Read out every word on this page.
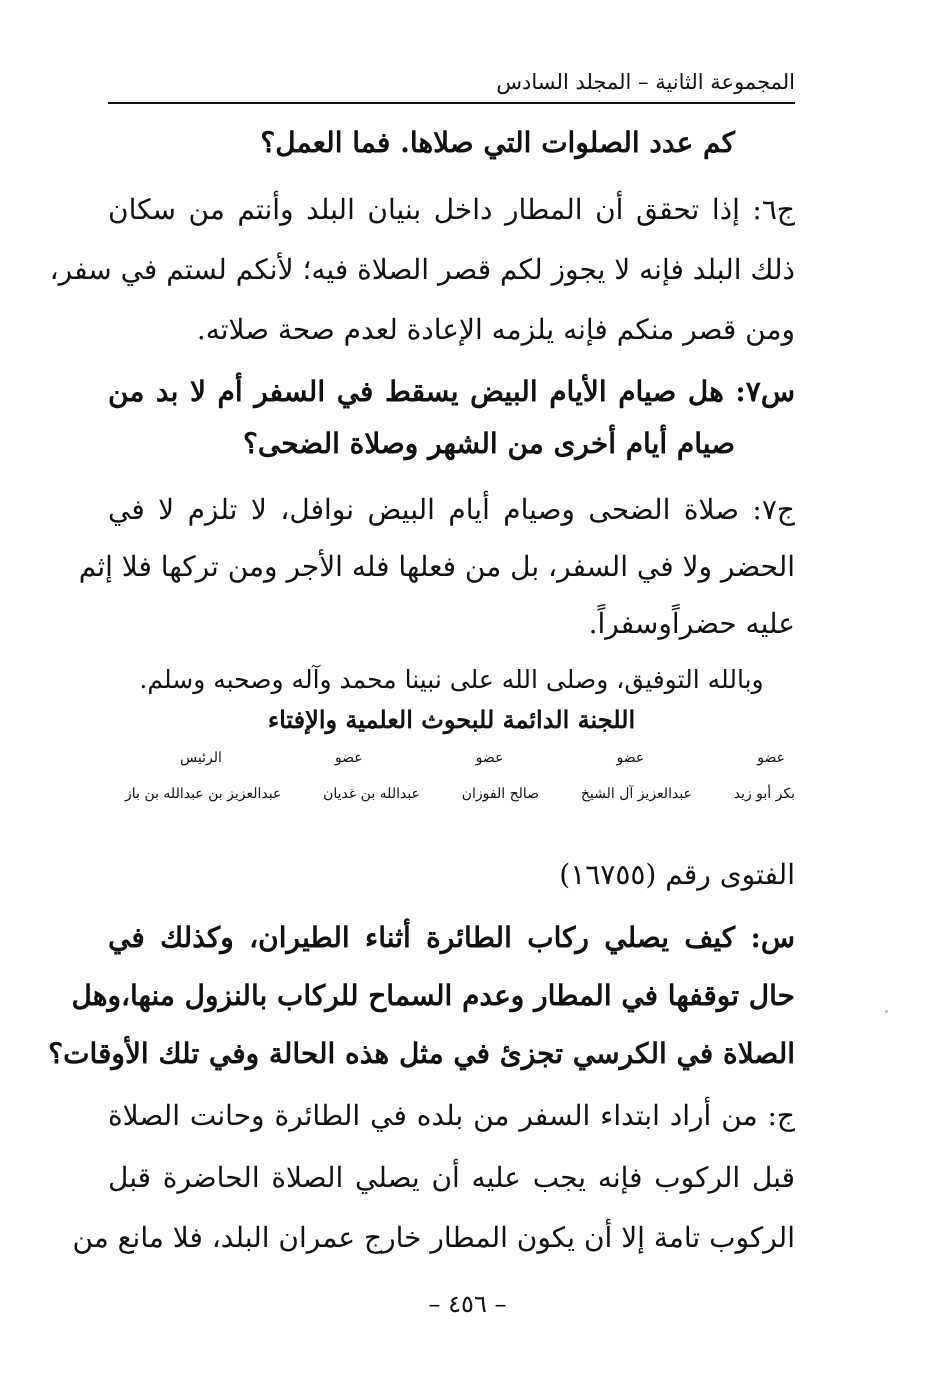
المجموعة الثانية – المجلد السادس
كم عدد الصلوات التي صلاها. فما العمل؟
ج٦: إذا تحقق أن المطار داخل بنيان البلد وأنتم من سكان
ذلك البلد فإنه لا يجوز لكم قصر الصلاة فيه؛ لأنكم لستم في سفر،
ومن قصر منكم فإنه يلزمه الإعادة لعدم صحة صلاته.
س٧: هل صيام الأيام البيض يسقط في السفر أم لا بد من
صيام أيام أخرى من الشهر وصلاة الضحى؟
ج٧: صلاة الضحى وصيام أيام البيض نوافل، لا تلزم لا في
الحضر ولا في السفر، بل من فعلها فله الأجر ومن تركها فلا إثم
عليه حضراًوسفراً.
وبالله التوفيق، وصلى الله على نبينا محمد وآله وصحبه وسلم.
اللجنة الدائمة للبحوث العلمية والإفتاء
عضو
عضو
عضو
عضو
الرئيس
بكر أبو زيد
عبدالعزيز آل الشيخ
صالح الفوزان
عبدالله بن غديان
عبدالعزيز بن عبدالله بن باز
الفتوى رقم (١٦٧٥٥)
س: كيف يصلي ركاب الطائرة أثناء الطيران، وكذلك في
حال توقفها في المطار وعدم السماح للركاب بالنزول منها،وهل
الصلاة في الكرسي تجزئ في مثل هذه الحالة وفي تلك الأوقات؟
ج: من أراد ابتداء السفر من بلده في الطائرة وحانت الصلاة
قبل الركوب فإنه يجب عليه أن يصلي الصلاة الحاضرة قبل
الركوب تامة إلا أن يكون المطار خارج عمران البلد، فلا مانع من
– ٤٥٦ –
